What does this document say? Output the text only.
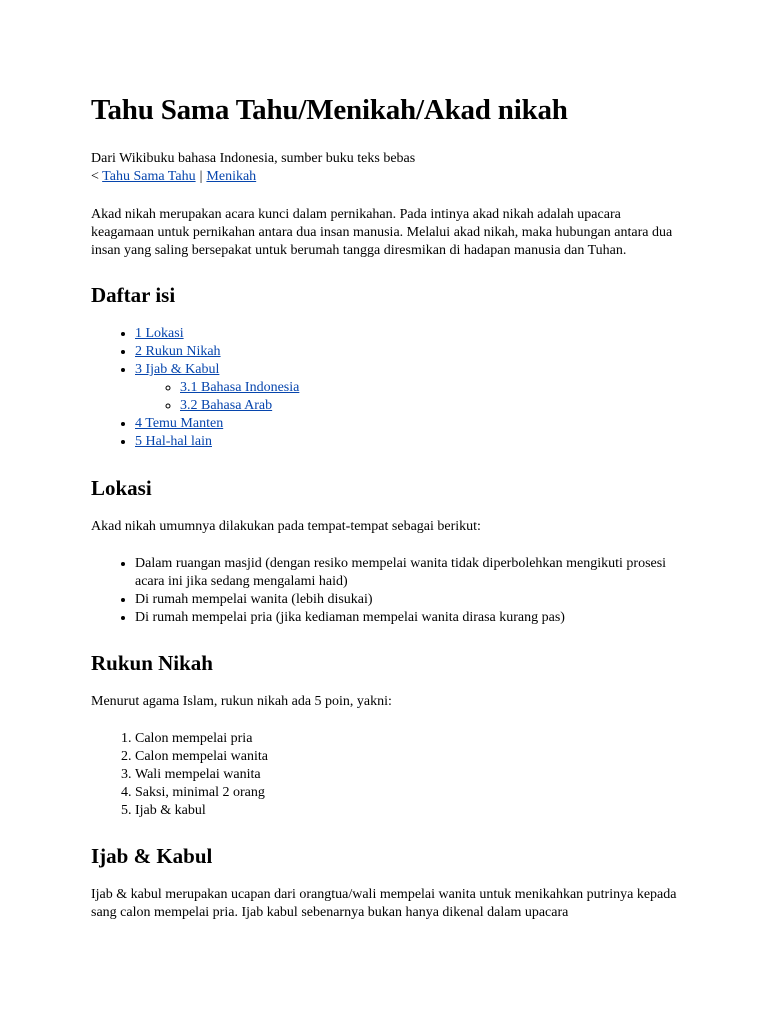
Tahu Sama Tahu/Menikah/Akad nikah

Dari Wikibuku bahasa Indonesia, sumber buku teks bebas

< Tahu Sama Tahu | Menikah

Akad nikah merupakan acara kunci dalam pernikahan. Pada intinya akad nikah adalah upacara keagamaan untuk pernikahan antara dua insan manusia. Melalui akad nikah, maka hubungan antara dua insan yang saling bersepakat untuk berumah tangga diresmikan di hadapan manusia dan Tuhan.

Daftar isi
• 1 Lokasi
• 2 Rukun Nikah
• 3 Ijab & Kabul
◦ 3.1 Bahasa Indonesia
◦ 3.2 Bahasa Arab
• 4 Temu Manten
• 5 Hal-hal lain
Lokasi

Akad nikah umumnya dilakukan pada tempat-tempat sebagai berikut:

• Dalam ruangan masjid (dengan resiko mempelai wanita tidak diperbolehkan mengikuti prosesi acara ini jika sedang mengalami haid)
• Di rumah mempelai wanita (lebih disukai)
• Di rumah mempelai pria (jika kediaman mempelai wanita dirasa kurang pas)
Rukun Nikah

Menurut agama Islam, rukun nikah ada 5 poin, yakni:

1. Calon mempelai pria
2. Calon mempelai wanita
3. Wali mempelai wanita
4. Saksi, minimal 2 orang
5. Ijab & kabul
Ijab & Kabul

Ijab & kabul merupakan ucapan dari orangtua/wali mempelai wanita untuk menikahkan putrinya kepada sang calon mempelai pria. Ijab kabul sebenarnya bukan hanya dikenal dalam upacara
